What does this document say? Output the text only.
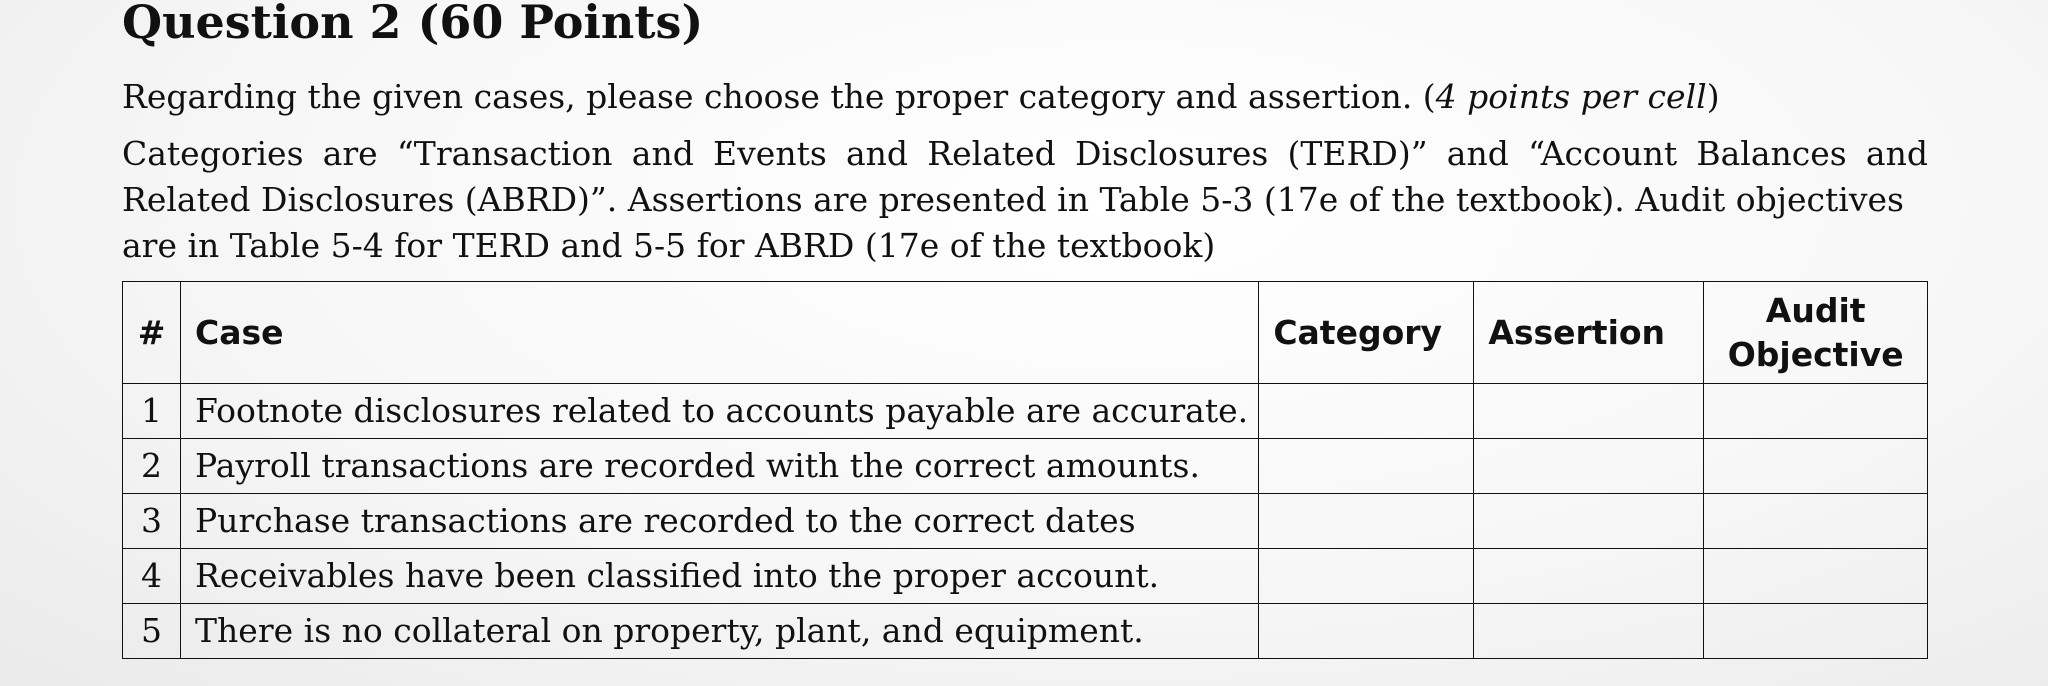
Question 2 (60 Points)

Regarding the given cases, please choose the proper category and assertion. (4 points per cell)

Categories are “Transaction and Events and Related Disclosures (TERD)” and “Account Balances and
Related Disclosures (ABRD)”. Assertions are presented in Table 5-3 (17e of the textbook). Audit objectives
are in Table 5-4 for TERD and 5-5 for ABRD (17e of the textbook)

#	Case	Category	Assertion	Audit
Objective
1	Footnote disclosures related to accounts payable are accurate.			
2	Payroll transactions are recorded with the correct amounts.			
3	Purchase transactions are recorded to the correct dates			
4	Receivables have been classified into the proper account.			
5	There is no collateral on property, plant, and equipment.			
